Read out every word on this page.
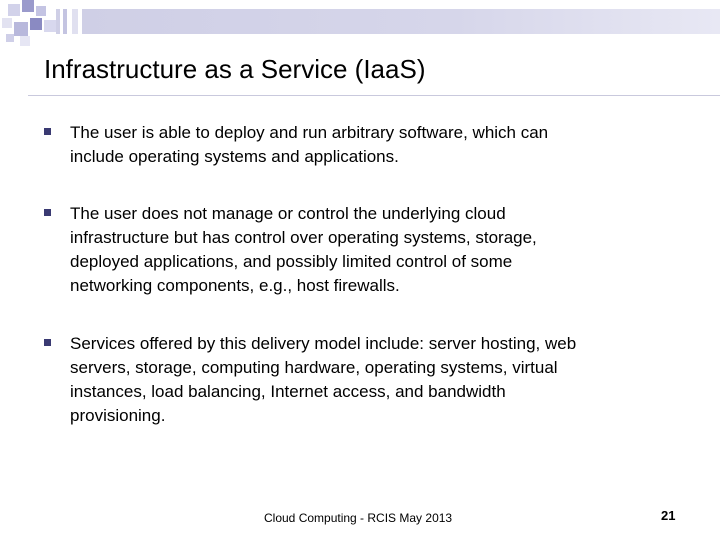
Infrastructure as a Service (IaaS)
The user is able to deploy and run arbitrary software, which can
include operating systems and applications.
The user does not manage or control the underlying cloud
infrastructure but has control over operating systems, storage,
deployed applications, and possibly limited control of some
networking components, e.g., host firewalls.
Services offered by this delivery model include: server hosting, web
servers, storage, computing hardware, operating systems, virtual
instances, load balancing, Internet access, and bandwidth
provisioning.
Cloud Computing - RCIS May 2013	21
